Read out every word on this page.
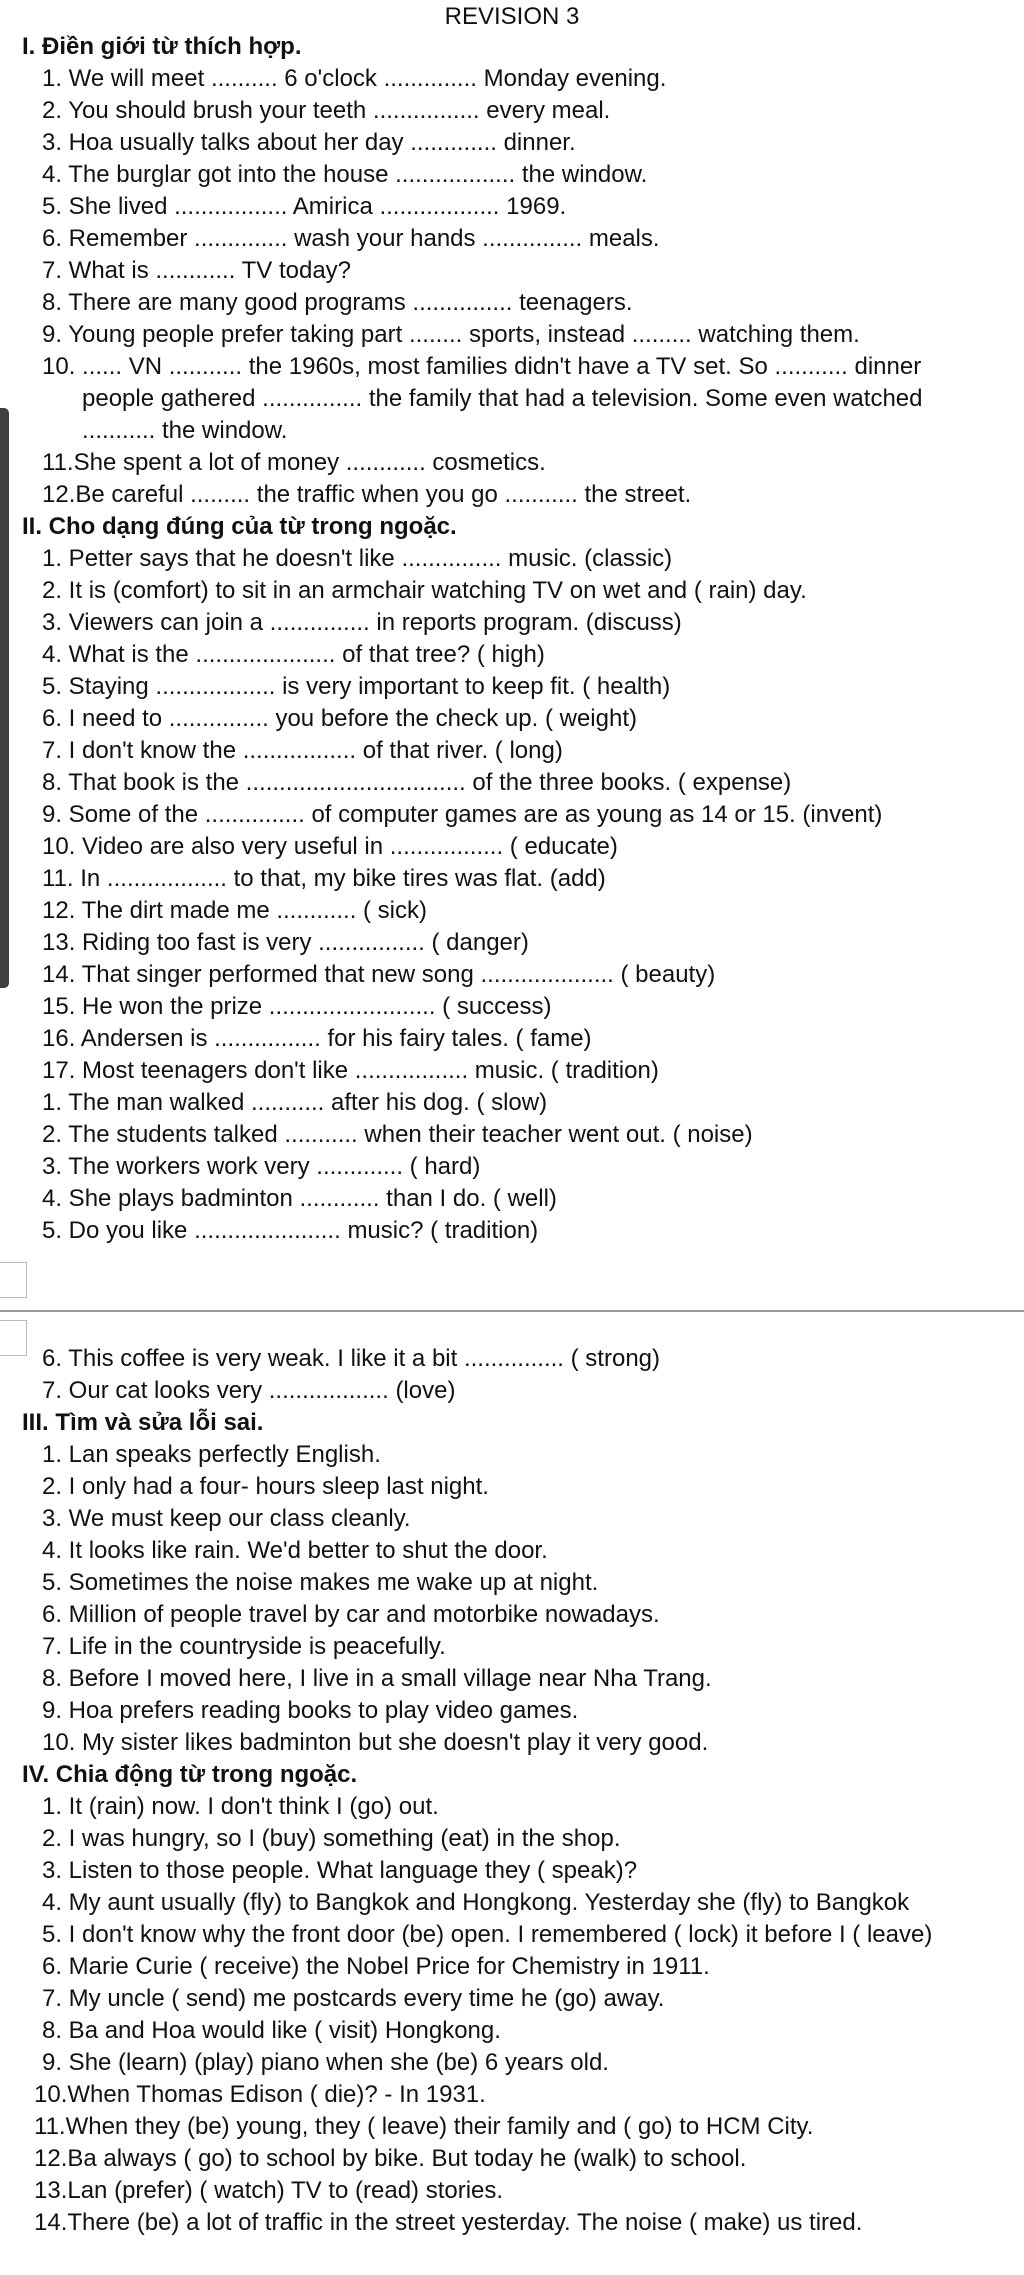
REVISION 3
I. Điền giới từ thích hợp.
1. We will meet .......... 6 o'clock .............. Monday evening.
2. You should brush your teeth ................ every meal.
3. Hoa usually talks about her day ............. dinner.
4. The burglar got into the house .................. the window.
5. She lived ................. Amirica .................. 1969.
6. Remember .............. wash your hands ............... meals.
7. What is ............ TV today?
8. There are many good programs ............... teenagers.
9. Young people prefer taking part ........ sports, instead ......... watching them.
10. ...... VN ........... the 1960s, most families didn't have a TV set. So ........... dinner
people gathered ............... the family that had a television. Some even watched
........... the window.
11.She spent a lot of money ............ cosmetics.
12.Be careful ......... the traffic when you go ........... the street.
II. Cho dạng đúng của từ trong ngoặc.
1. Petter says that he doesn't like ............... music. (classic)
2. It is (comfort) to sit in an armchair watching TV on wet and ( rain) day.
3. Viewers can join a ............... in reports program. (discuss)
4. What is the ..................... of that tree? ( high)
5. Staying .................. is very important to keep fit. ( health)
6. I need to ............... you before the check up. ( weight)
7. I don't know the ................. of that river. ( long)
8. That book is the ................................. of the three books. ( expense)
9. Some of the ............... of computer games are as young as 14 or 15. (invent)
10. Video are also very useful in ................. ( educate)
11. In .................. to that, my bike tires was flat. (add)
12. The dirt made me ............ ( sick)
13. Riding too fast is very ................ ( danger)
14. That singer performed that new song .................... ( beauty)
15. He won the prize ......................... ( success)
16. Andersen is ................ for his fairy tales. ( fame)
17. Most teenagers don't like ................. music. ( tradition)
1. The man walked ........... after his dog. ( slow)
2. The students talked ........... when their teacher went out. ( noise)
3. The workers work very ............. ( hard)
4. She plays badminton ............ than I do. ( well)
5. Do you like ...................... music? ( tradition)
6. This coffee is very weak. I like it a bit ............... ( strong)
7. Our cat looks very .................. (love)
III. Tìm và sửa lỗi sai.
1. Lan speaks perfectly English.
2. I only had a four- hours sleep last night.
3. We must keep our class cleanly.
4. It looks like rain. We'd better to shut the door.
5. Sometimes the noise makes me wake up at night.
6. Million of people travel by car and motorbike nowadays.
7. Life in the countryside is peacefully.
8. Before I moved here, I live in a small village near Nha Trang.
9. Hoa prefers reading books to play video games.
10. My sister likes badminton but she doesn't play it very good.
IV. Chia động từ trong ngoặc.
1. It (rain) now. I don't think I (go) out.
2. I was hungry, so I (buy) something (eat) in the shop.
3. Listen to those people. What language they ( speak)?
4. My aunt usually (fly) to Bangkok and Hongkong. Yesterday she (fly) to Bangkok
5. I don't know why the front door (be) open. I remembered ( lock) it before I ( leave)
6. Marie Curie ( receive) the Nobel Price for Chemistry in 1911.
7. My uncle ( send) me postcards every time he (go) away.
8. Ba and Hoa would like ( visit) Hongkong.
9. She (learn) (play) piano when she (be) 6 years old.
10.When Thomas Edison ( die)? - In 1931.
11.When they (be) young, they ( leave) their family and ( go) to HCM City.
12.Ba always ( go) to school by bike. But today he (walk) to school.
13.Lan (prefer) ( watch) TV to (read) stories.
14.There (be) a lot of traffic in the street yesterday. The noise ( make) us tired.
